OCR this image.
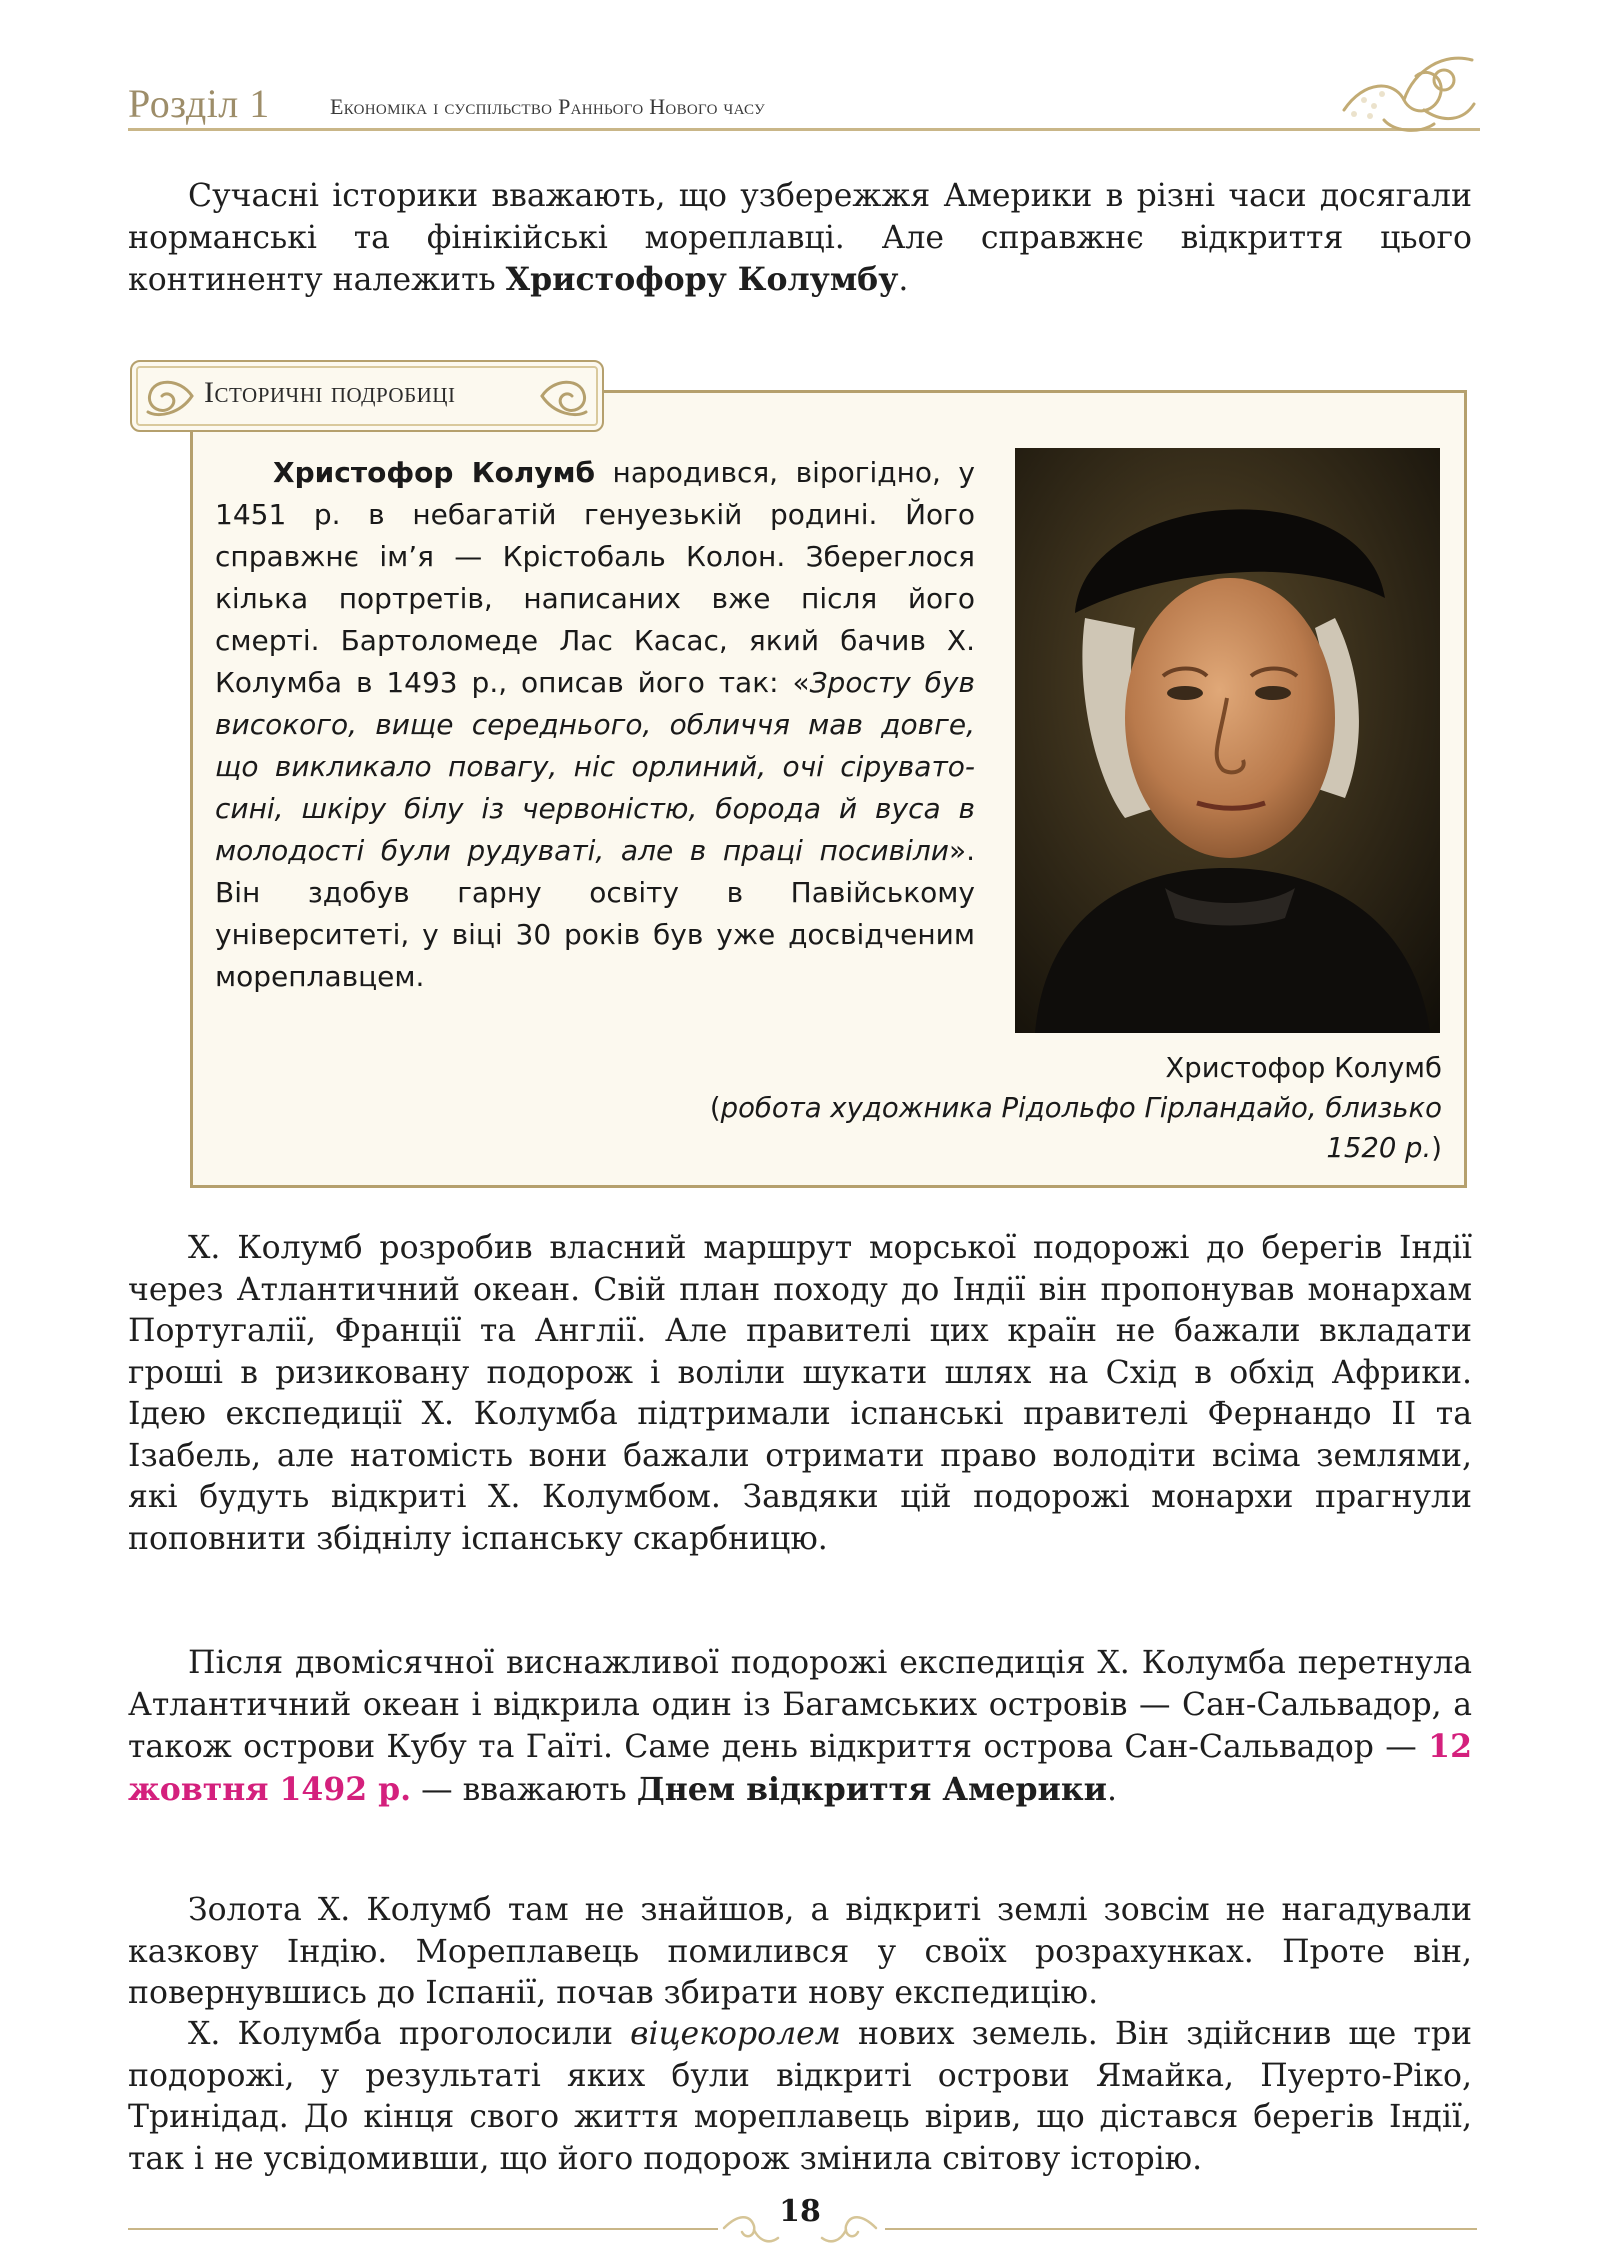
Розділ 1	Економіка і суспільство Раннього Нового часу

Сучасні історики вважають, що узбережжя Америки в різні часи досягали норманські та фінікійські мореплавці. Але справжнє відкриття цього континенту належить Христофору Колумбу.

Історичні подробиці

Христофор Колумб народився, вірогідно, у 1451 р. в небагатій генуезькій родині. Його справжнє ім’я — Крістобаль Колон. Збереглося кілька портретів, написаних вже після його смерті. Бартоломеде Лас Касас, який бачив Х. Колумба в 1493 р., описав його так: «Зросту був високого, вище середнього, обличчя мав довге, що викликало повагу, ніс орлиний, очі сірувато-сині, шкіру білу із червоністю, борода й вуса в молодості були рудуваті, але в праці посивіли». Він здобув гарну освіту в Павійському університеті, у віці 30 років був уже досвідченим мореплавцем.

Христофор Колумб
(робота художника Рідольфо Гірландайо, близько 1520 р.)

Х. Колумб розробив власний маршрут морської подорожі до берегів Індії через Атлантичний океан. Свій план походу до Індії він пропонував монархам Португалії, Франції та Англії. Але правителі цих країн не бажали вкладати гроші в ризиковану подорож і воліли шукати шлях на Схід в обхід Африки. Ідею експедиції Х. Колумба підтримали іспанські правителі Фернандо II та Ізабель, але натомість вони бажали отримати право володіти всіма землями, які будуть відкриті Х. Колумбом. Завдяки цій подорожі монархи прагнули поповнити збіднілу іспанську скарбницю.

Після двомісячної виснажливої подорожі експедиція Х. Колумба перетнула Атлантичний океан і відкрила один із Багамських островів — Сан-Сальвадор, а також острови Кубу та Гаїті. Саме день відкриття острова Сан-Сальвадор — 12 жовтня 1492 р. — вважають Днем відкриття Америки.

Золота Х. Колумб там не знайшов, а відкриті землі зовсім не нагадували казкову Індію. Мореплавець помилився у своїх розрахунках. Проте він, повернувшись до Іспанії, почав збирати нову експедицію.

Х. Колумба проголосили віцекоролем нових земель. Він здійснив ще три подорожі, у результаті яких були відкриті острови Ямайка, Пуерто-Ріко, Тринідад. До кінця свого життя мореплавець вірив, що дістався берегів Індії, так і не усвідомивши, що його подорож змінила світову історію.

18
